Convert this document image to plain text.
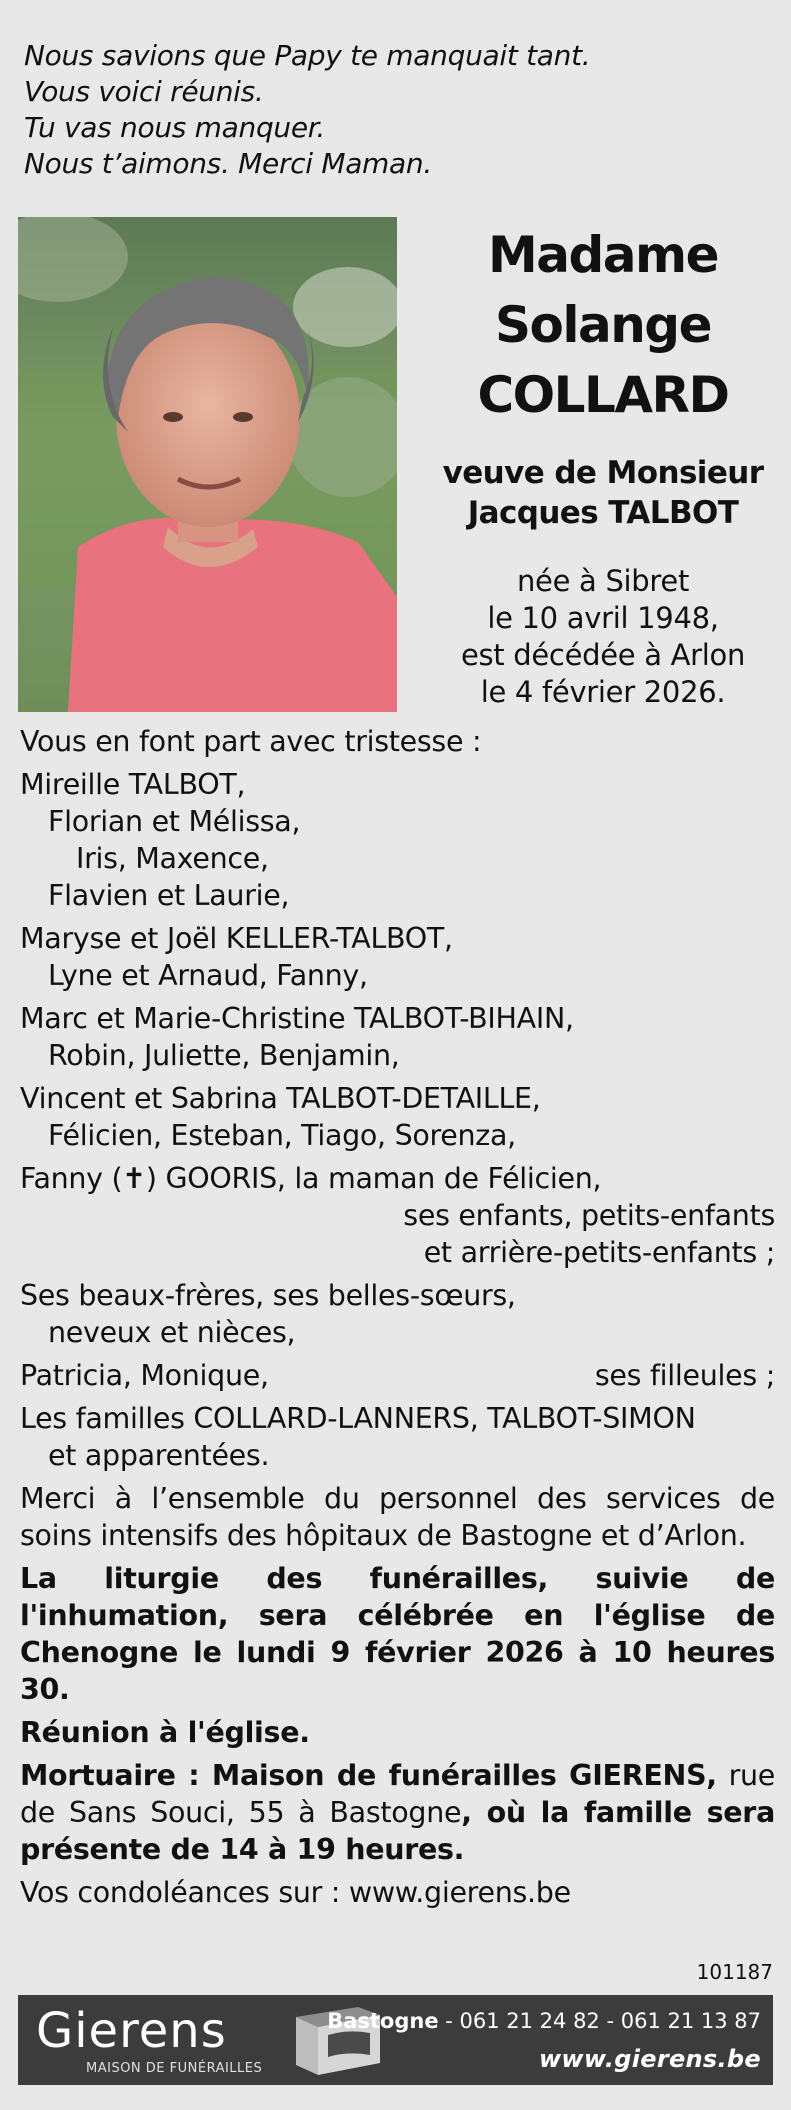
Nous savions que Papy te manquait tant.
Vous voici réunis.
Tu vas nous manquer.
Nous t’aimons. Merci Maman.
Madame
Solange
COLLARD
veuve de Monsieur
Jacques TALBOT
née à Sibret
le 10 avril 1948,
est décédée à Arlon
le 4 février 2026.
Vous en font part avec tristesse :
Mireille TALBOT,
Florian et Mélissa,
Iris, Maxence,
Flavien et Laurie,
Maryse et Joël KELLER-TALBOT,
Lyne et Arnaud, Fanny,
Marc et Marie-Christine TALBOT-BIHAIN,
Robin, Juliette, Benjamin,
Vincent et Sabrina TALBOT-DETAILLE,
Félicien, Esteban, Tiago, Sorenza,
Fanny (✝) GOORIS, la maman de Félicien,
ses enfants, petits-enfants
et arrière-petits-enfants ;
Ses beaux-frères, ses belles-sœurs,
neveux et nièces,
Patricia, Monique,	ses filleules ;
Les familles COLLARD-LANNERS, TALBOT-SIMON
et apparentées.
Merci à l’ensemble du personnel des services de soins intensifs des hôpitaux de Bastogne et d’Arlon.
La liturgie des funérailles, suivie de l'inhumation, sera célébrée en l'église de Chenogne le lundi 9 février 2026 à 10 heures 30.
Réunion à l'église.
Mortuaire : Maison de funérailles GIERENS, rue de Sans Souci, 55 à Bastogne, où la famille sera présente de 14 à 19 heures.
Vos condoléances sur : www.gierens.be
101187
Gierens
MAISON DE FUNÉRAILLES
Bastogne - 061 21 24 82 - 061 21 13 87
www.gierens.be
